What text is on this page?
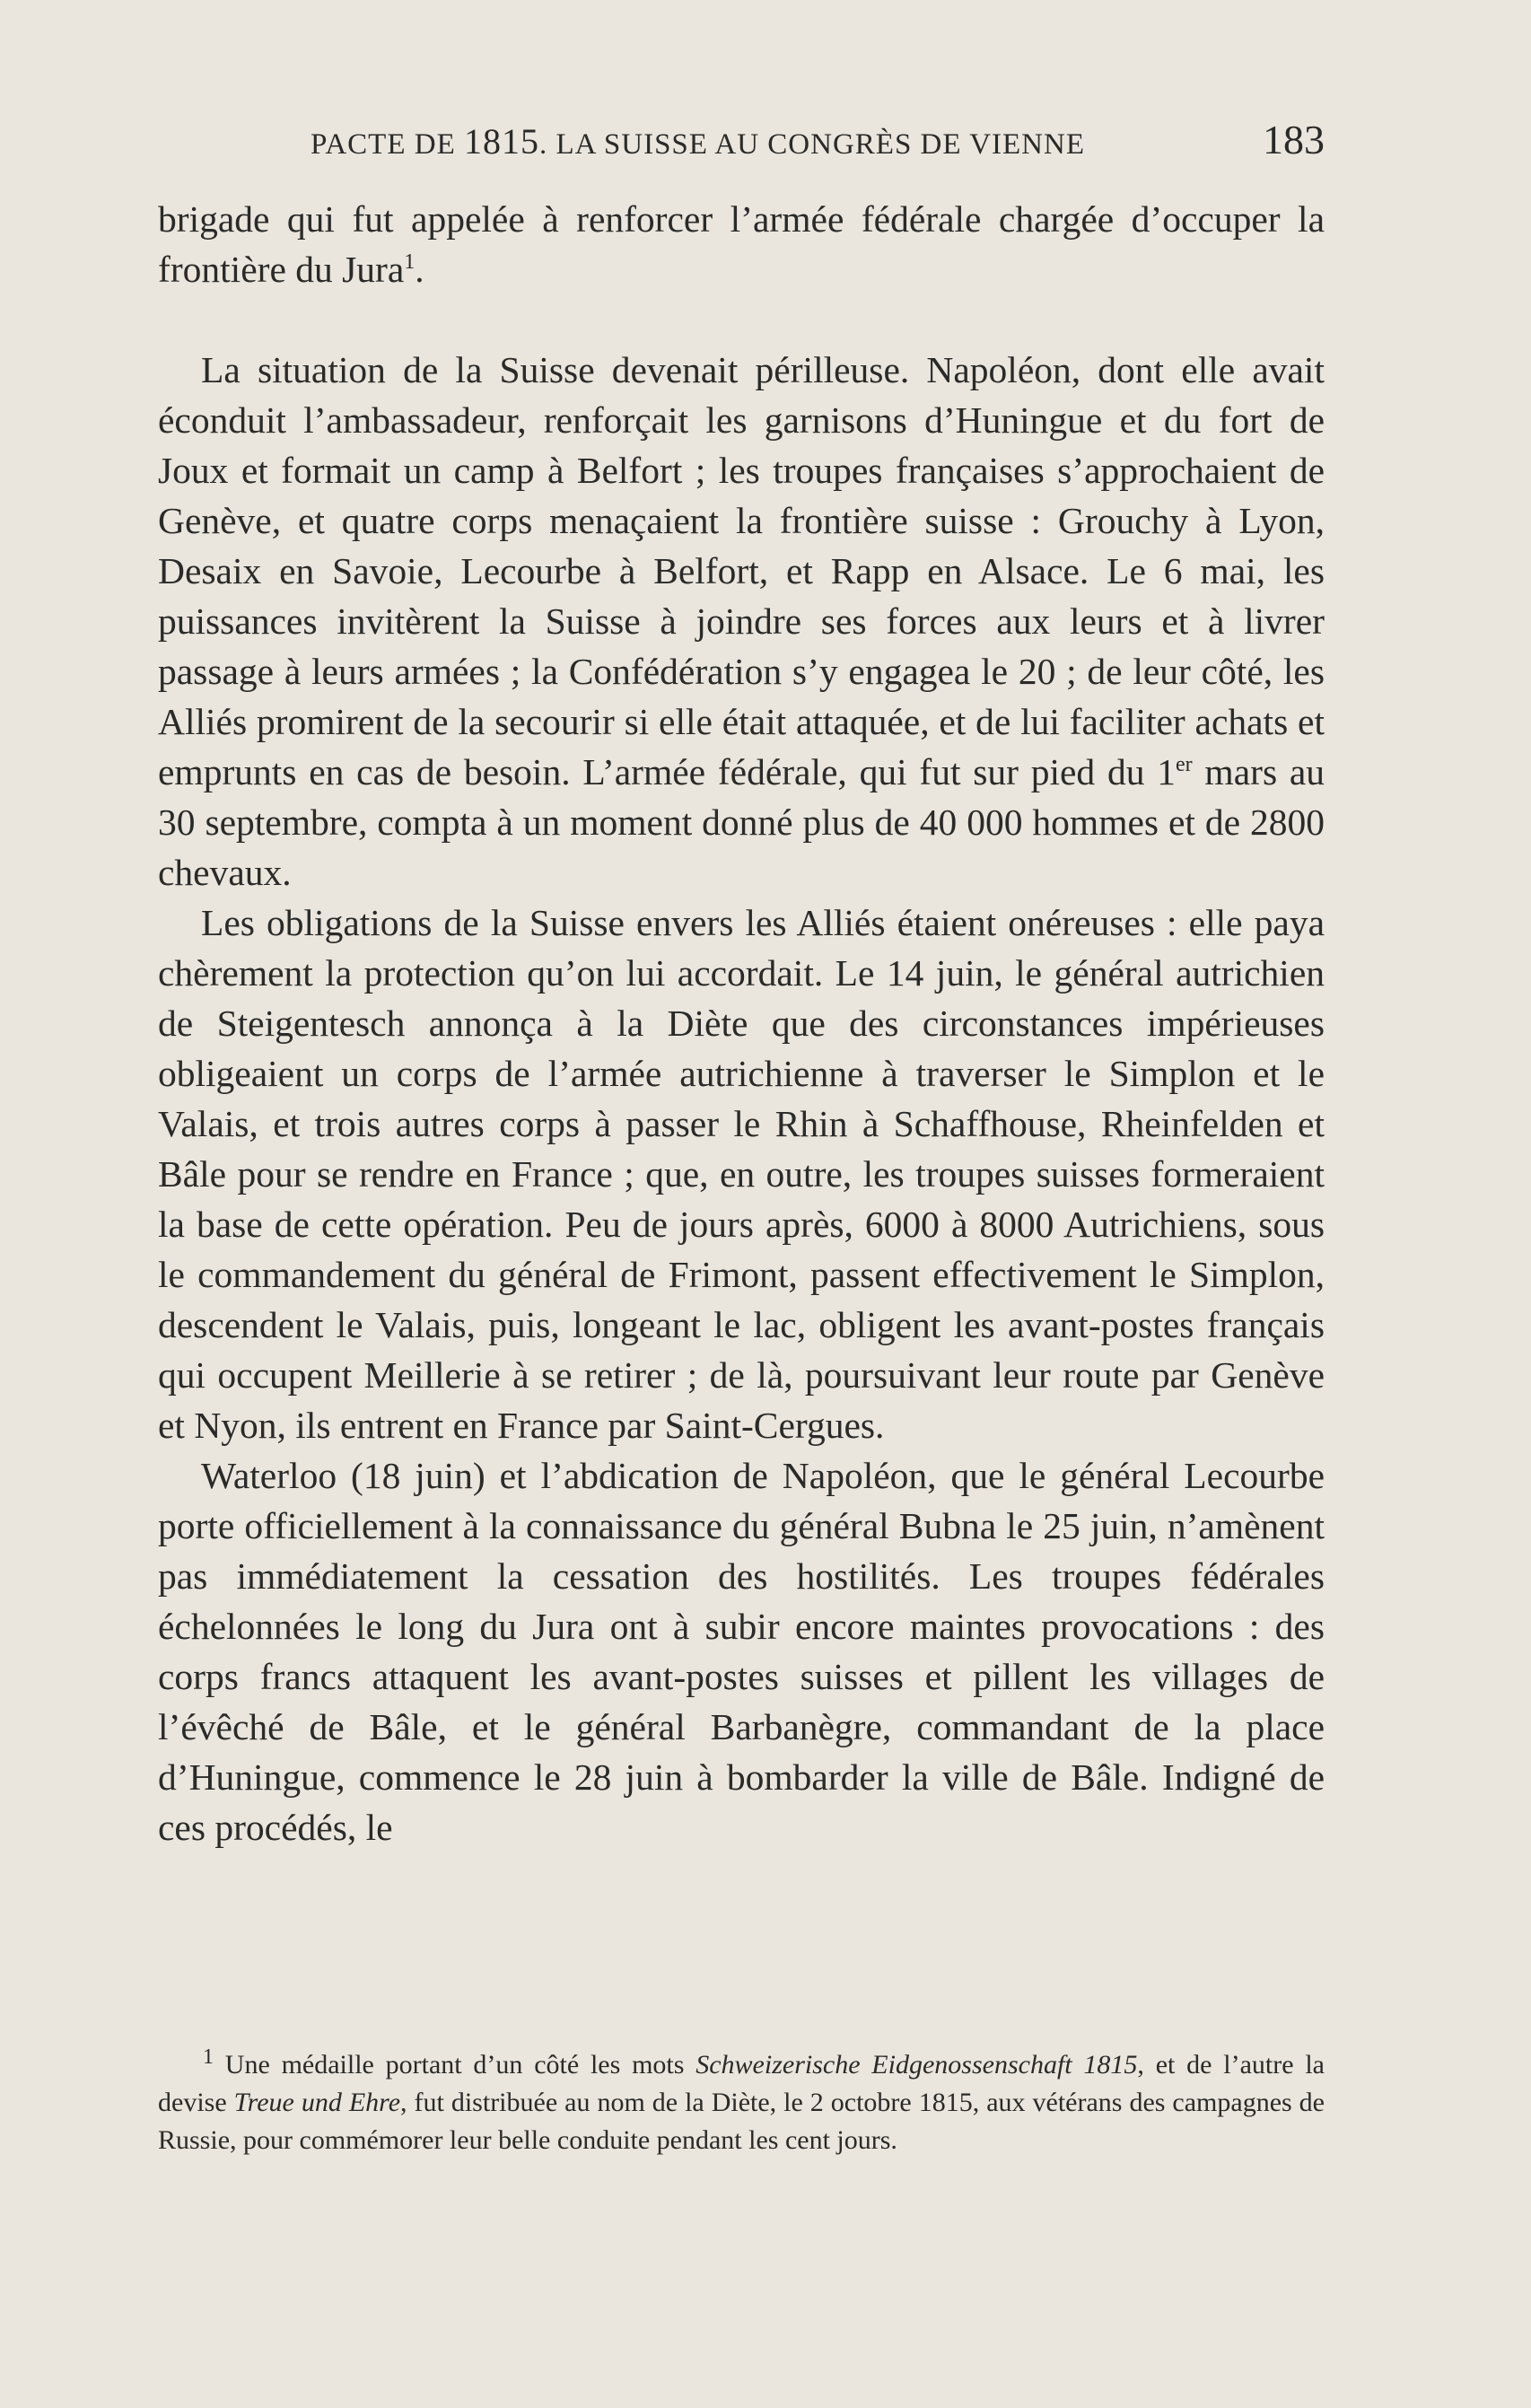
PACTE DE 1815. LA SUISSE AU CONGRÈS DE VIENNE	183

brigade qui fut appelée à renforcer l’armée fédérale chargée d’occuper la frontière du Jura$^1$.

La situation de la Suisse devenait périlleuse. Napoléon, dont elle avait éconduit l’ambassadeur, renforçait les garnisons d’Huningue et du fort de Joux et formait un camp à Belfort ; les troupes françaises s’approchaient de Genève, et quatre corps menaçaient la frontière suisse : Grouchy à Lyon, Desaix en Savoie, Lecourbe à Belfort, et Rapp en Alsace. Le 6 mai, les puissances invitèrent la Suisse à joindre ses forces aux leurs et à livrer passage à leurs armées ; la Confédération s’y engagea le 20 ; de leur côté, les Alliés promirent de la secourir si elle était attaquée, et de lui faciliter achats et emprunts en cas de besoin. L’armée fédérale, qui fut sur pied du 1er mars au 30 septembre, compta à un moment donné plus de 40 000 hommes et de 2800 chevaux.

Les obligations de la Suisse envers les Alliés étaient onéreuses : elle paya chèrement la protection qu’on lui accordait. Le 14 juin, le général autrichien de Steigentesch annonça à la Diète que des circonstances impérieuses obligeaient un corps de l’armée autrichienne à traverser le Simplon et le Valais, et trois autres corps à passer le Rhin à Schaffhouse, Rheinfelden et Bâle pour se rendre en France ; que, en outre, les troupes suisses formeraient la base de cette opération. Peu de jours après, 6000 à 8000 Autrichiens, sous le commandement du général de Frimont, passent effectivement le Simplon, descendent le Valais, puis, longeant le lac, obligent les avant-postes français qui occupent Meillerie à se retirer ; de là, poursuivant leur route par Genève et Nyon, ils entrent en France par Saint-Cergues.

Waterloo (18 juin) et l’abdication de Napoléon, que le général Lecourbe porte officiellement à la connaissance du général Bubna le 25 juin, n’amènent pas immédiatement la cessation des hostilités. Les troupes fédérales échelonnées le long du Jura ont à subir encore maintes provocations : des corps francs attaquent les avant-postes suisses et pillent les villages de l’évêché de Bâle, et le général Barbanègre, commandant de la place d’Huningue, commence le 28 juin à bombarder la ville de Bâle. Indigné de ces procédés, le

$^1$ Une médaille portant d’un côté les mots Schweizerische Eidgenossenschaft 1815, et de l’autre la devise Treue und Ehre, fut distribuée au nom de la Diète, le 2 octobre 1815, aux vétérans des campagnes de Russie, pour commémorer leur belle conduite pendant les cent jours.
